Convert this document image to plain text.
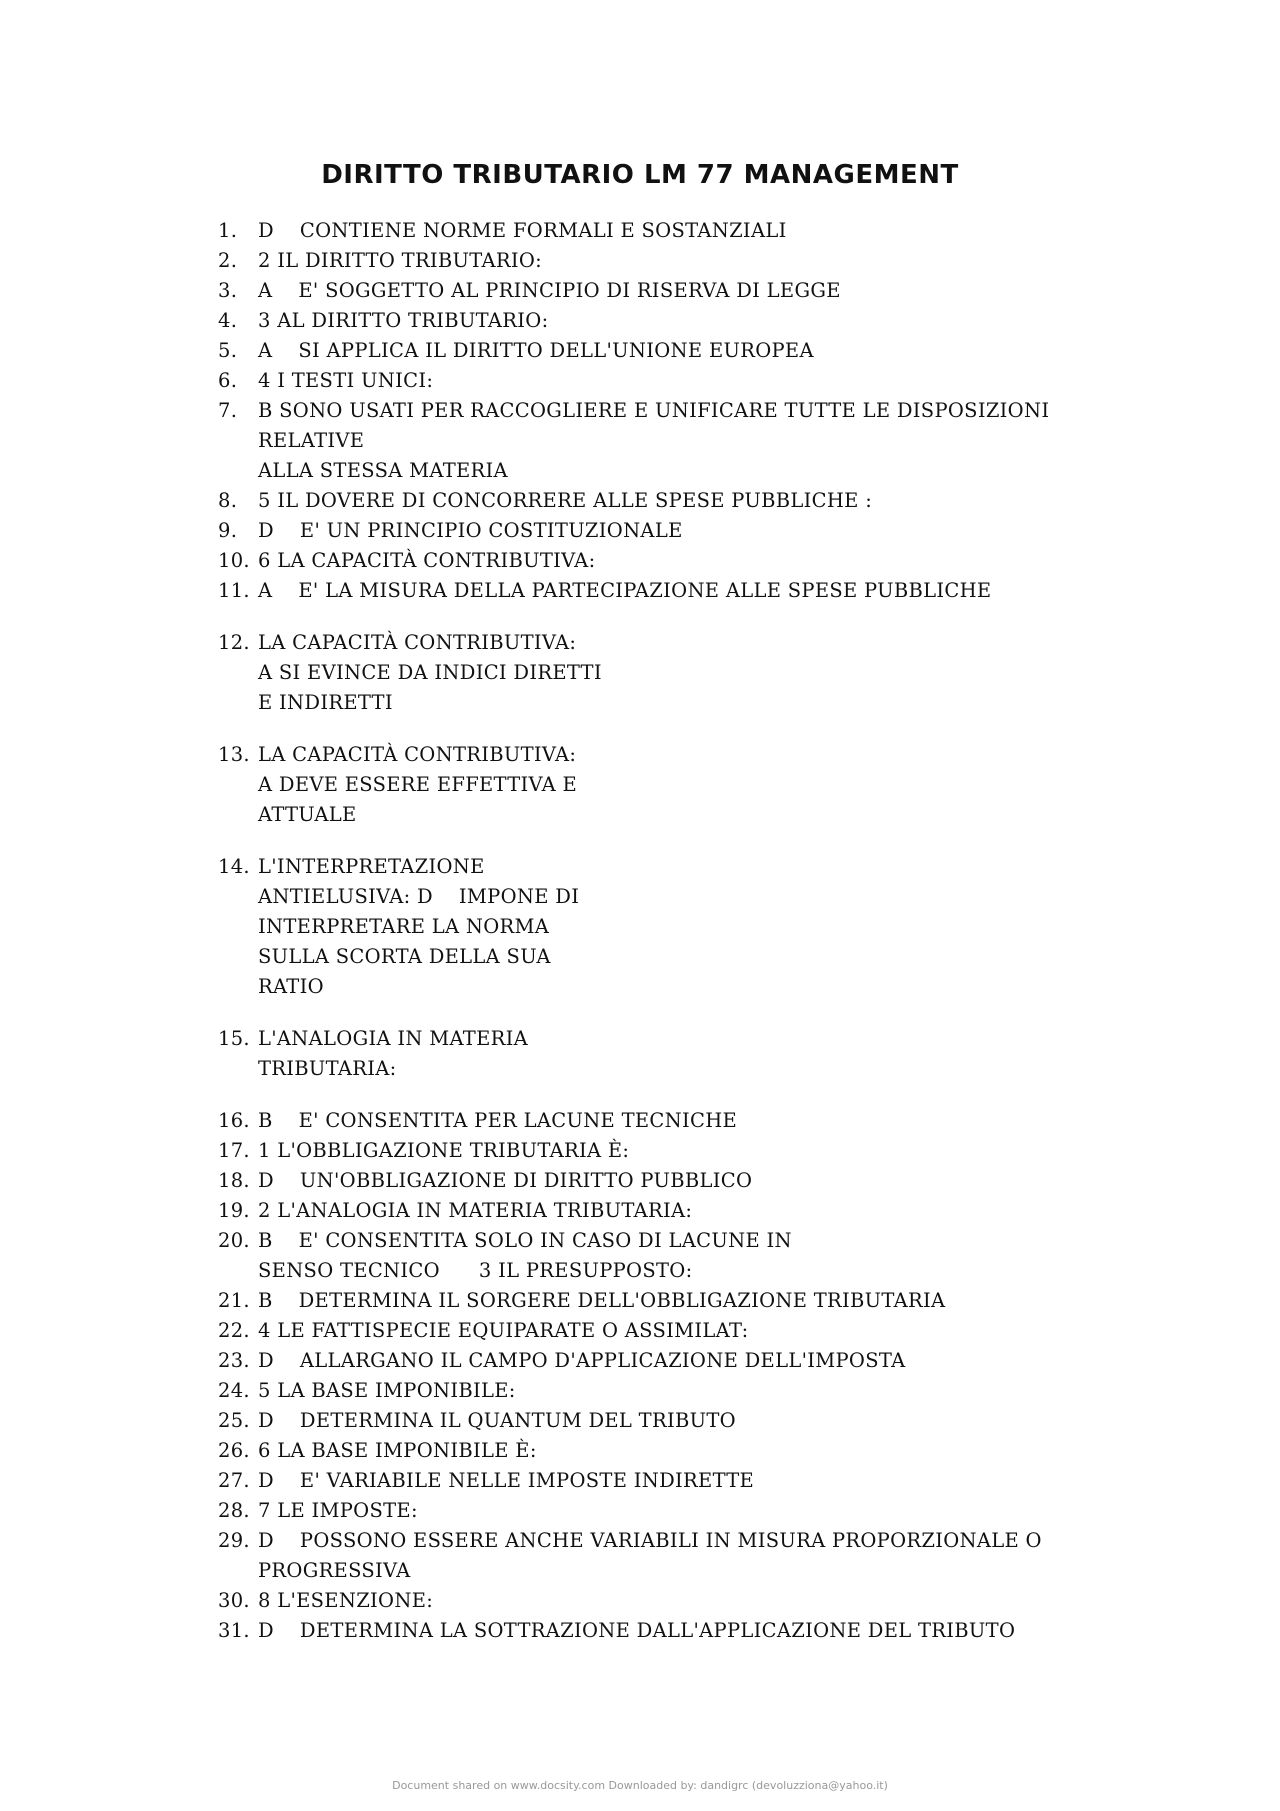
DIRITTO TRIBUTARIO LM 77 MANAGEMENT
1.	D    CONTIENE NORME FORMALI E SOSTANZIALI
2.	2 IL DIRITTO TRIBUTARIO:
3.	A    E' SOGGETTO AL PRINCIPIO DI RISERVA DI LEGGE
4.	3 AL DIRITTO TRIBUTARIO:
5.	A    SI APPLICA IL DIRITTO DELL'UNIONE EUROPEA
6.	4 I TESTI UNICI:
7.	B SONO USATI PER RACCOGLIERE E UNIFICARE TUTTE LE DISPOSIZIONI RELATIVE
ALLA STESSA MATERIA
8.	5 IL DOVERE DI CONCORRERE ALLE SPESE PUBBLICHE :
9.	D    E' UN PRINCIPIO COSTITUZIONALE
10. 6 LA CAPACITÀ CONTRIBUTIVA:
11. A    E' LA MISURA DELLA PARTECIPAZIONE ALLE SPESE PUBBLICHE
12. LA CAPACITÀ CONTRIBUTIVA:
A SI EVINCE DA INDICI DIRETTI
E INDIRETTI
13. LA CAPACITÀ CONTRIBUTIVA:
A DEVE ESSERE EFFETTIVA E
ATTUALE
14. L'INTERPRETAZIONE
ANTIELUSIVA: D    IMPONE DI
INTERPRETARE LA NORMA
SULLA SCORTA DELLA SUA
RATIO
15. L'ANALOGIA IN MATERIA
TRIBUTARIA:
16. B    E' CONSENTITA PER LACUNE TECNICHE
17. 1 L'OBBLIGAZIONE TRIBUTARIA È:
18. D    UN'OBBLIGAZIONE DI DIRITTO PUBBLICO
19. 2 L'ANALOGIA IN MATERIA TRIBUTARIA:
20. B    E' CONSENTITA SOLO IN CASO DI LACUNE IN
SENSO TECNICO      3 IL PRESUPPOSTO:
21. B    DETERMINA IL SORGERE DELL'OBBLIGAZIONE TRIBUTARIA
22. 4 LE FATTISPECIE EQUIPARATE O ASSIMILAT:
23. D    ALLARGANO IL CAMPO D'APPLICAZIONE DELL'IMPOSTA
24. 5 LA BASE IMPONIBILE:
25. D    DETERMINA IL QUANTUM DEL TRIBUTO
26. 6 LA BASE IMPONIBILE È:
27. D    E' VARIABILE NELLE IMPOSTE INDIRETTE
28. 7 LE IMPOSTE:
29. D    POSSONO ESSERE ANCHE VARIABILI IN MISURA PROPORZIONALE O
PROGRESSIVA
30. 8 L'ESENZIONE:
31. D    DETERMINA LA SOTTRAZIONE DALL'APPLICAZIONE DEL TRIBUTO
Document shared on www.docsity.com Downloaded by: dandigrc (devoluzziona@yahoo.it)
